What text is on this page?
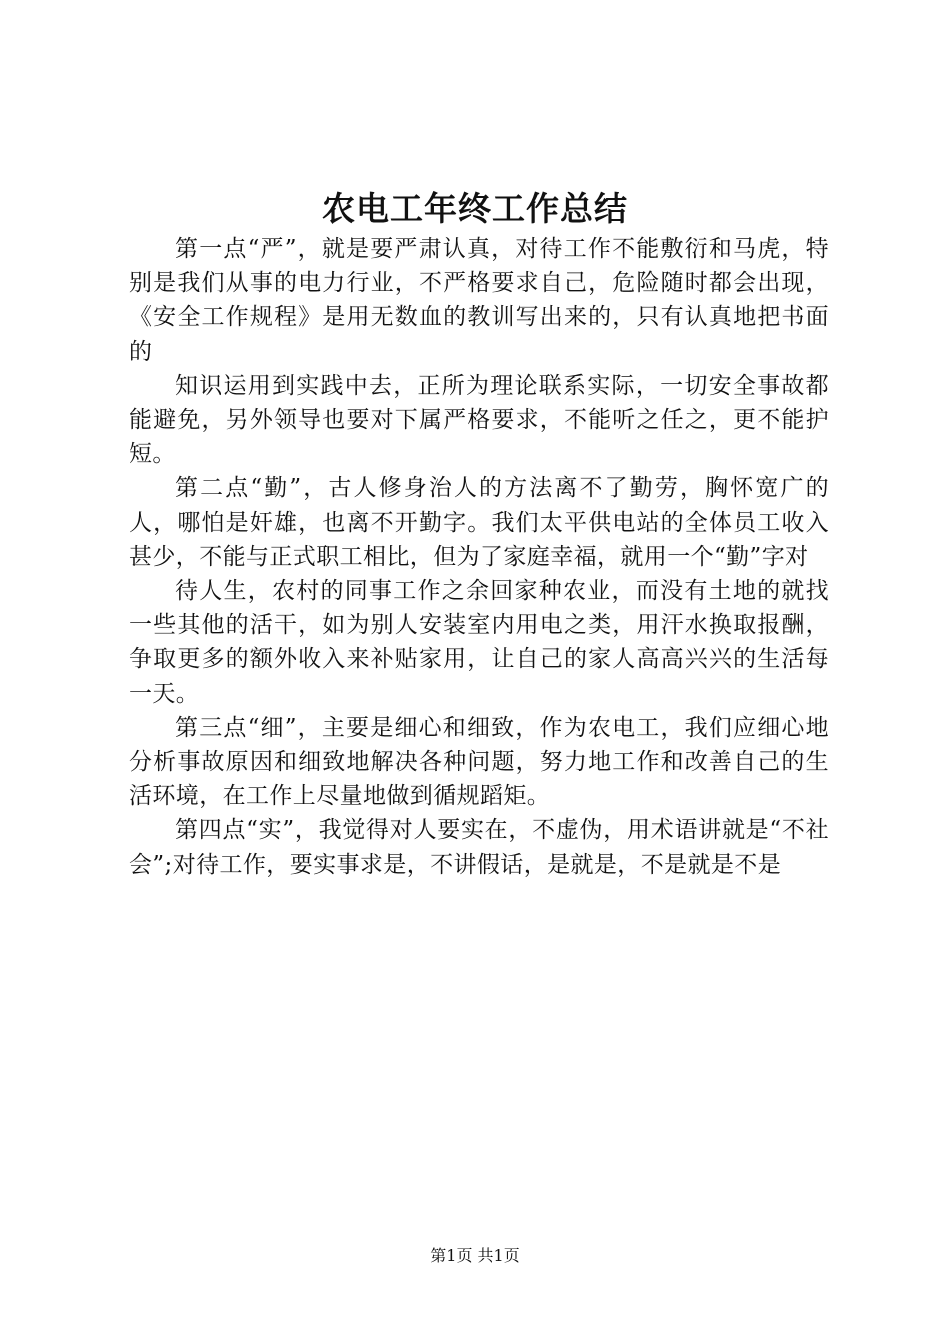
农电工年终工作总结

第一点“严”，就是要严肃认真，对待工作不能敷衍和马虎，特别是我们从事的电力行业，不严格要求自己，危险随时都会出现，《安全工作规程》是用无数血的教训写出来的，只有认真地把书面的

知识运用到实践中去，正所为理论联系实际，一切安全事故都能避免，另外领导也要对下属严格要求，不能听之任之，更不能护短。

第二点“勤”，古人修身治人的方法离不了勤劳，胸怀宽广的人，哪怕是奸雄，也离不开勤字。我们太平供电站的全体员工收入甚少，不能与正式职工相比，但为了家庭幸福，就用一个“勤”字对

待人生，农村的同事工作之余回家种农业，而没有土地的就找一些其他的活干，如为别人安装室内用电之类，用汗水换取报酬，争取更多的额外收入来补贴家用，让自己的家人高高兴兴的生活每一天。

第三点“细”，主要是细心和细致，作为农电工，我们应细心地分析事故原因和细致地解决各种问题，努力地工作和改善自己的生活环境，在工作上尽量地做到循规蹈矩。

第四点“实”，我觉得对人要实在，不虚伪，用术语讲就是“不社会”;对待工作，要实事求是，不讲假话，是就是，不是就是不是

第1页 共1页
